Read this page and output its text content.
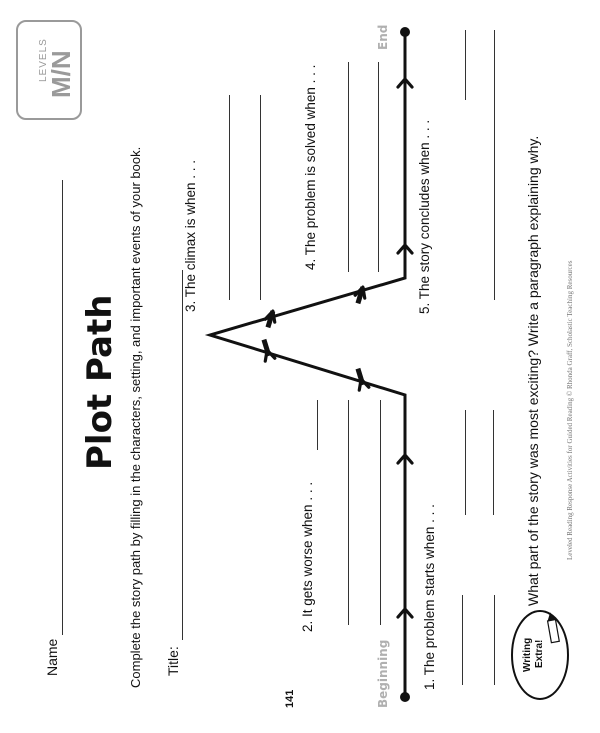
LEVELS
M/N
Plot Path
Name	Complete the story path by filling in the characters, setting, and important events of your book. Title:
141
1. The problem starts when . . .
2. It gets worse when . . .
3. The climax is when . . .	4. The problem is solved when . . .	5. The story concludes when . . .
Beginning
End
Writing Extra!
What part of the story was most exciting? Write a paragraph explaining why.	Leveled Reading Response Activities for Guided Reading © Rhonda Graff, Scholastic Teaching Resources
